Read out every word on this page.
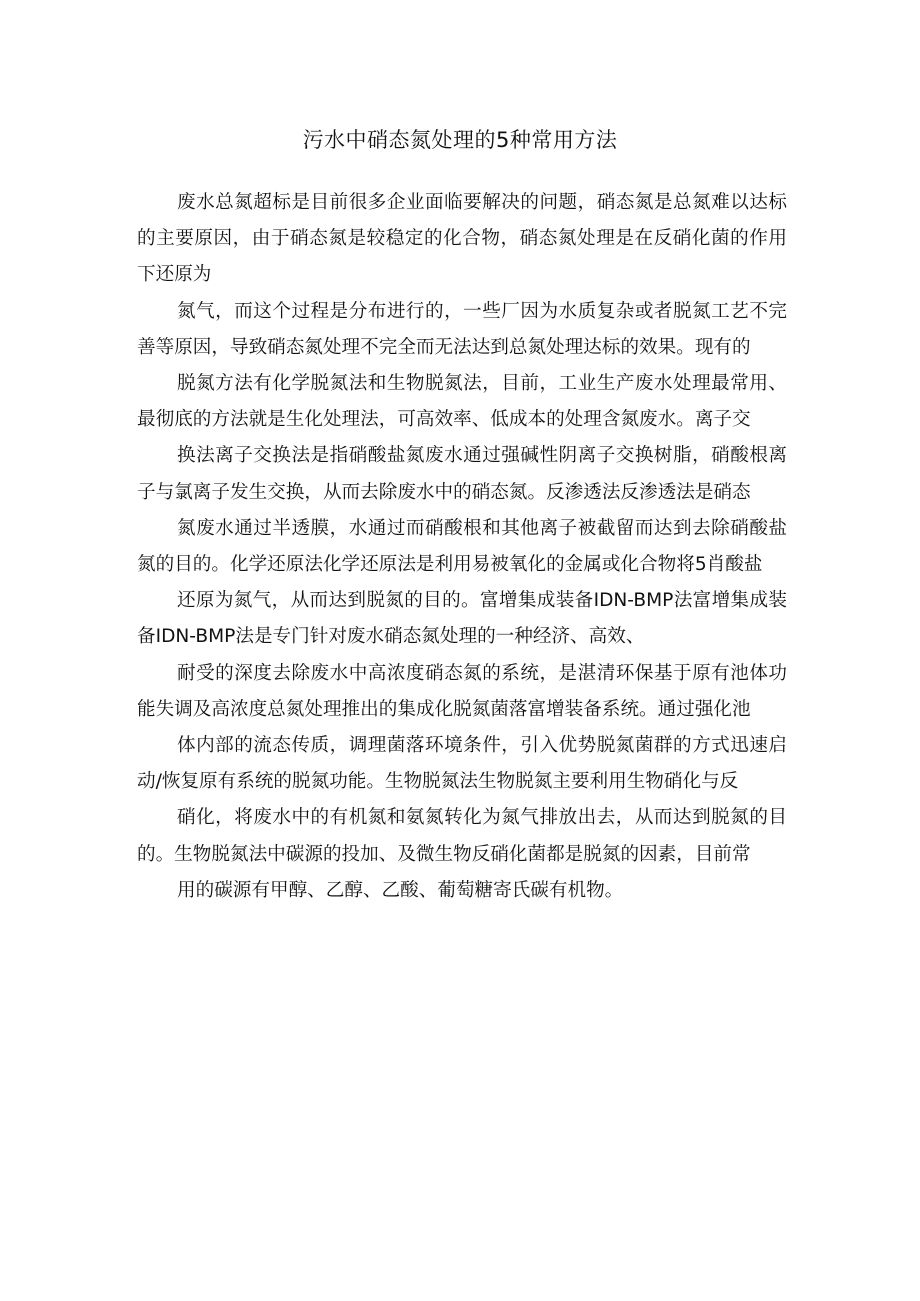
污水中硝态氮处理的5种常用方法

废水总氮超标是目前很多企业面临要解决的问题，硝态氮是总氮难以达标的主要原因，由于硝态氮是较稳定的化合物，硝态氮处理是在反硝化菌的作用下还原为

氮气，而这个过程是分布进行的，一些厂因为水质复杂或者脱氮工艺不完善等原因，导致硝态氮处理不完全而无法达到总氮处理达标的效果。现有的

脱氮方法有化学脱氮法和生物脱氮法，目前，工业生产废水处理最常用、最彻底的方法就是生化处理法，可高效率、低成本的处理含氮废水。离子交

换法离子交换法是指硝酸盐氮废水通过强碱性阴离子交换树脂，硝酸根离子与氯离子发生交换，从而去除废水中的硝态氮。反渗透法反渗透法是硝态

氮废水通过半透膜，水通过而硝酸根和其他离子被截留而达到去除硝酸盐氮的目的。化学还原法化学还原法是利用易被氧化的金属或化合物将5肖酸盐

还原为氮气，从而达到脱氮的目的。富增集成装备IDN-BMP法富增集成装备IDN-BMP法是专门针对废水硝态氮处理的一种经济、高效、

耐受的深度去除废水中高浓度硝态氮的系统，是湛清环保基于原有池体功能失调及高浓度总氮处理推出的集成化脱氮菌落富增装备系统。通过强化池

体内部的流态传质，调理菌落环境条件，引入优势脱氮菌群的方式迅速启动/恢复原有系统的脱氮功能。生物脱氮法生物脱氮主要利用生物硝化与反

硝化，将废水中的有机氮和氨氮转化为氮气排放出去，从而达到脱氮的目的。生物脱氮法中碳源的投加、及微生物反硝化菌都是脱氮的因素，目前常

用的碳源有甲醇、乙醇、乙酸、葡萄糖寄氏碳有机物。
